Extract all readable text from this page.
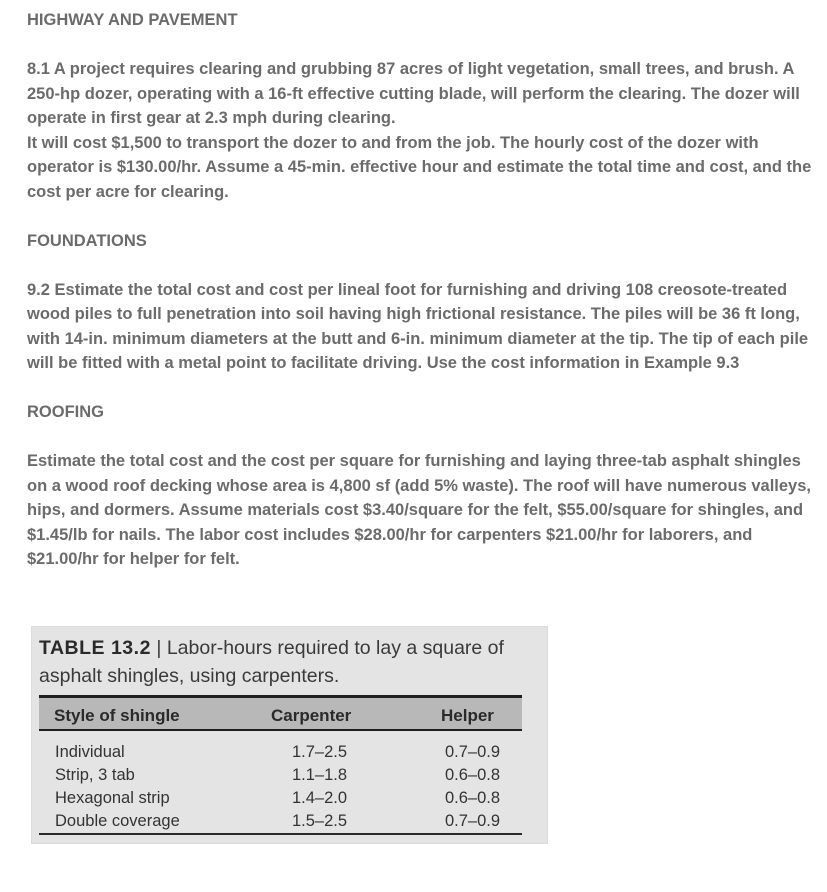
HIGHWAY AND PAVEMENT

8.1 A project requires clearing and grubbing 87 acres of light vegetation, small trees, and brush. A 250-hp dozer, operating with a 16-ft effective cutting blade, will perform the clearing. The dozer will operate in first gear at 2.3 mph during clearing.

It will cost $1,500 to transport the dozer to and from the job. The hourly cost of the dozer with operator is $130.00/hr. Assume a 45-min. effective hour and estimate the total time and cost, and the cost per acre for clearing.

FOUNDATIONS

9.2 Estimate the total cost and cost per lineal foot for furnishing and driving 108 creosote-treated wood piles to full penetration into soil having high frictional resistance. The piles will be 36 ft long, with 14-in. minimum diameters at the butt and 6-in. minimum diameter at the tip. The tip of each pile will be fitted with a metal point to facilitate driving. Use the cost information in Example 9.3

ROOFING

Estimate the total cost and the cost per square for furnishing and laying three-tab asphalt shingles on a wood roof decking whose area is 4,800 sf (add 5% waste). The roof will have numerous valleys, hips, and dormers. Assume materials cost $3.40/square for the felt, $55.00/square for shingles, and $1.45/lb for nails. The labor cost includes $28.00/hr for carpenters $21.00/hr for laborers, and $21.00/hr for helper for felt.

TABLE 13.2 | Labor-hours required to lay a square of asphalt shingles, using carpenters.
Style of shingle	Carpenter	Helper
Individual	1.7–2.5	0.7–0.9
Strip, 3 tab	1.1–1.8	0.6–0.8
Hexagonal strip	1.4–2.0	0.6–0.8
Double coverage	1.5–2.5	0.7–0.9
